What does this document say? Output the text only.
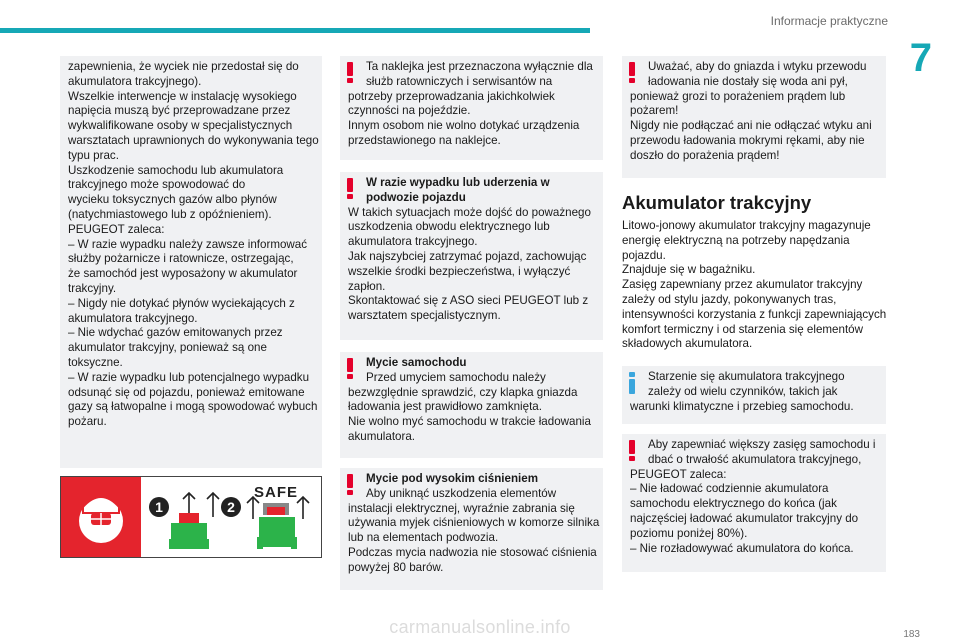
Informacje praktyczne
7
zapewnienia, że wyciek nie przedostał się do
akumulatora trakcyjnego).
Wszelkie interwencje w instalację wysokiego
napięcia muszą być przeprowadzane przez
wykwalifikowane osoby w specjalistycznych
warsztatach uprawnionych do wykonywania tego
typu prac.
Uszkodzenie samochodu lub akumulatora
trakcyjnego może spowodować do
wycieku toksycznych gazów albo płynów
(natychmiastowego lub z opóźnieniem).
PEUGEOT zaleca:
– W razie wypadku należy zawsze informować
służby pożarnicze i ratownicze, ostrzegając,
że samochód jest wyposażony w akumulator
trakcyjny.
– Nigdy nie dotykać płynów wyciekających z
akumulatora trakcyjnego.
– Nie wdychać gazów emitowanych przez
akumulator trakcyjny, ponieważ są one
toksyczne.
– W razie wypadku lub potencjalnego wypadku
odsunąć się od pojazdu, ponieważ emitowane
gazy są łatwopalne i mogą spowodować wybuch
pożaru.
1	2
SAFE
Ta naklejka jest przeznaczona wyłącznie dla
służb ratowniczych i serwisantów na
potrzeby przeprowadzania jakichkolwiek
czynności na pojeździe.
Innym osobom nie wolno dotykać urządzenia
przedstawionego na naklejce.
W razie wypadku lub uderzenia w
podwozie pojazdu
W takich sytuacjach może dojść do poważnego
uszkodzenia obwodu elektrycznego lub
akumulatora trakcyjnego.
Jak najszybciej zatrzymać pojazd, zachowując
wszelkie środki bezpieczeństwa, i wyłączyć
zapłon.
Skontaktować się z ASO sieci PEUGEOT lub z
warsztatem specjalistycznym.
Mycie samochodu
Przed umyciem samochodu należy
bezwzględnie sprawdzić, czy klapka gniazda
ładowania jest prawidłowo zamknięta.
Nie wolno myć samochodu w trakcie ładowania
akumulatora.
Mycie pod wysokim ciśnieniem
Aby uniknąć uszkodzenia elementów
instalacji elektrycznej, wyraźnie zabrania się
używania myjek ciśnieniowych w komorze silnika
lub na elementach podwozia.
Podczas mycia nadwozia nie stosować ciśnienia
powyżej 80 barów.
Uważać, aby do gniazda i wtyku przewodu
ładowania nie dostały się woda ani pył,
ponieważ grozi to porażeniem prądem lub
pożarem!
Nigdy nie podłączać ani nie odłączać wtyku ani
przewodu ładowania mokrymi rękami, aby nie
doszło do porażenia prądem!
Akumulator trakcyjny
Litowo-jonowy akumulator trakcyjny magazynuje
energię elektryczną na potrzeby napędzania
pojazdu.
Znajduje się w bagażniku.
Zasięg zapewniany przez akumulator trakcyjny
zależy od stylu jazdy, pokonywanych tras,
intensywności korzystania z funkcji zapewniających
komfort termiczny i od starzenia się elementów
składowych akumulatora.
Starzenie się akumulatora trakcyjnego
zależy od wielu czynników, takich jak
warunki klimatyczne i przebieg samochodu.
Aby zapewniać większy zasięg samochodu i
dbać o trwałość akumulatora trakcyjnego,
PEUGEOT zaleca:
– Nie ładować codziennie akumulatora
samochodu elektrycznego do końca (jak
najczęściej ładować akumulator trakcyjny do
poziomu poniżej 80%).
– Nie rozładowywać akumulatora do końca.
carmanualsonline.info	183
